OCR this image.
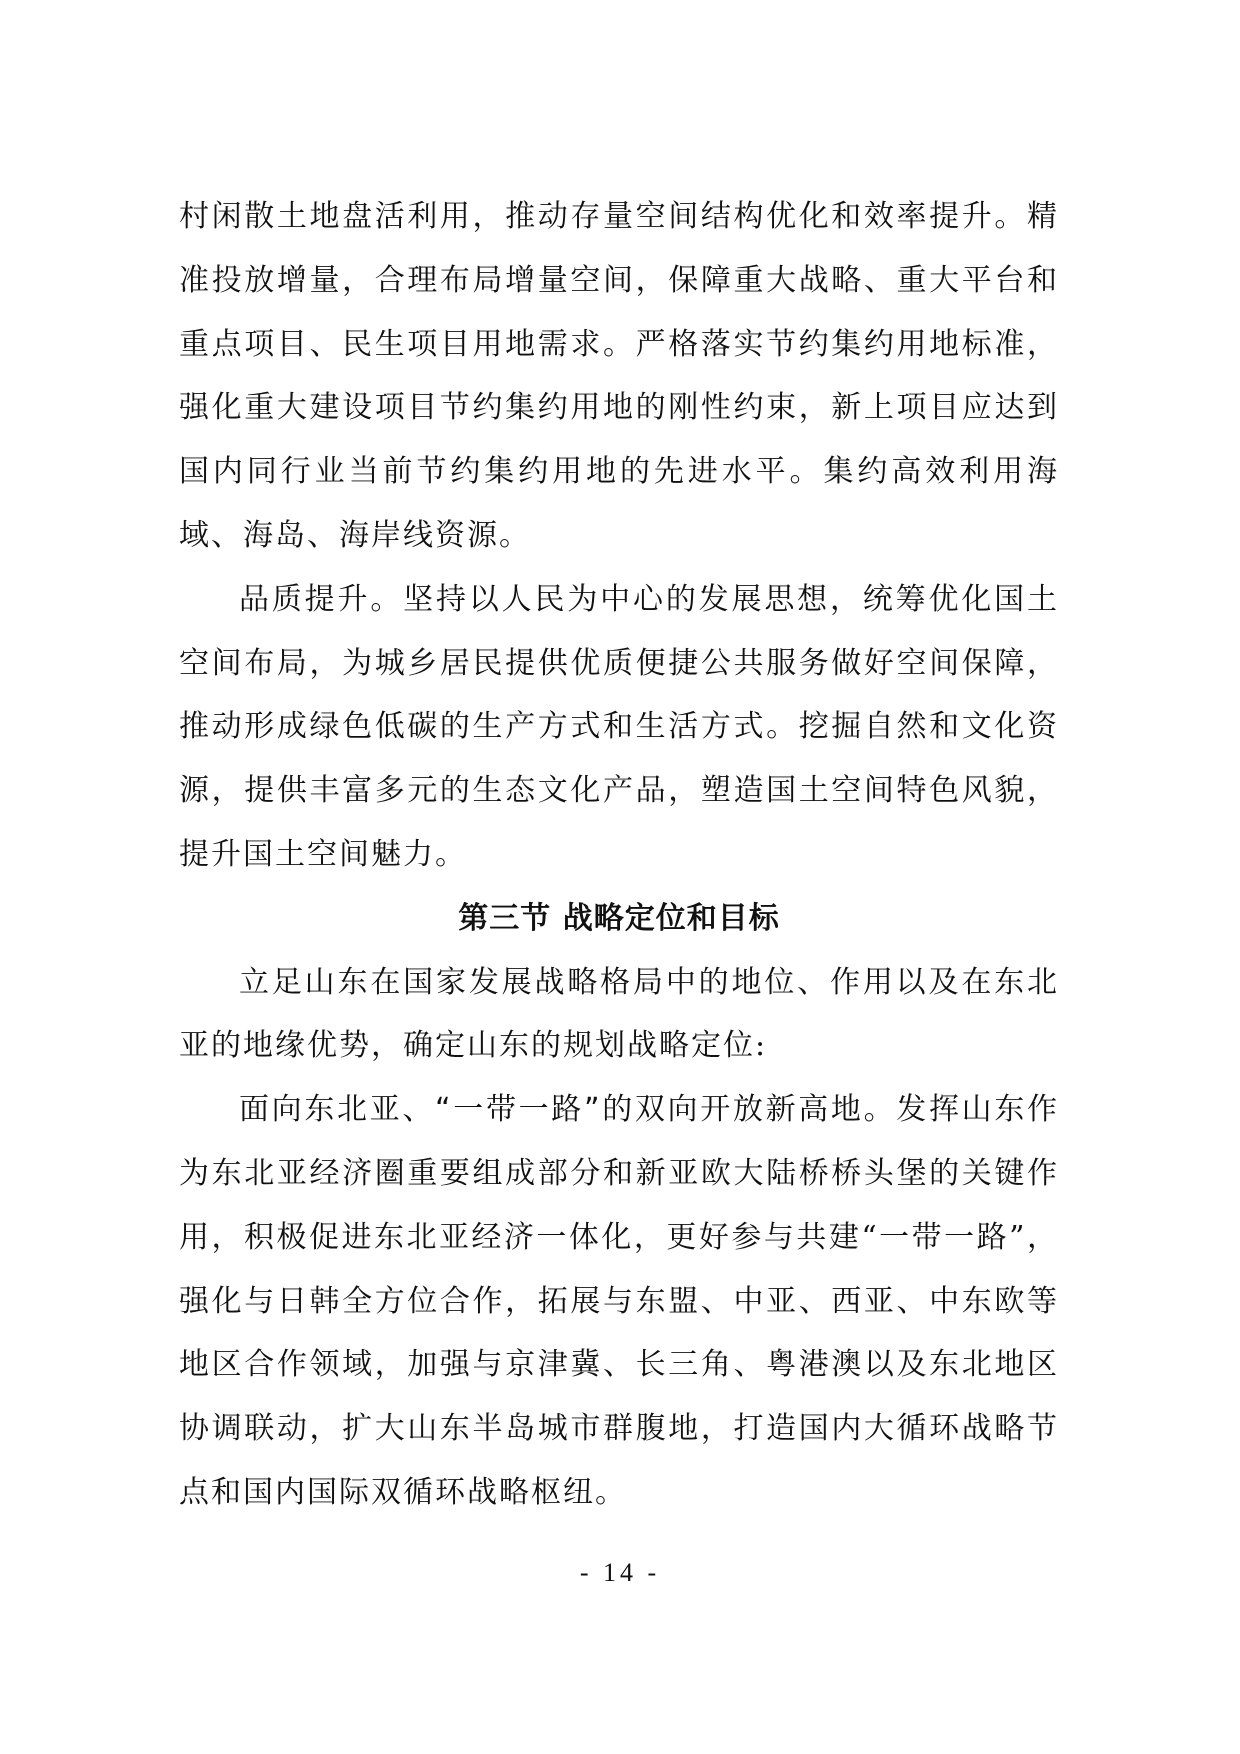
村闲散土地盘活利用，推动存量空间结构优化和效率提升。精准投放增量，合理布局增量空间，保障重大战略、重大平台和重点项目、民生项目用地需求。严格落实节约集约用地标准，强化重大建设项目节约集约用地的刚性约束，新上项目应达到国内同行业当前节约集约用地的先进水平。集约高效利用海域、海岛、海岸线资源。

品质提升。坚持以人民为中心的发展思想，统筹优化国土空间布局，为城乡居民提供优质便捷公共服务做好空间保障，推动形成绿色低碳的生产方式和生活方式。挖掘自然和文化资源，提供丰富多元的生态文化产品，塑造国土空间特色风貌，提升国土空间魅力。

第三节 战略定位和目标

立足山东在国家发展战略格局中的地位、作用以及在东北亚的地缘优势，确定山东的规划战略定位:

面向东北亚、“一带一路”的双向开放新高地。发挥山东作为东北亚经济圈重要组成部分和新亚欧大陆桥桥头堡的关键作用，积极促进东北亚经济一体化，更好参与共建“一带一路”，强化与日韩全方位合作，拓展与东盟、中亚、西亚、中东欧等地区合作领域，加强与京津冀、长三角、粤港澳以及东北地区协调联动，扩大山东半岛城市群腹地，打造国内大循环战略节点和国内国际双循环战略枢纽。

- 14 -
